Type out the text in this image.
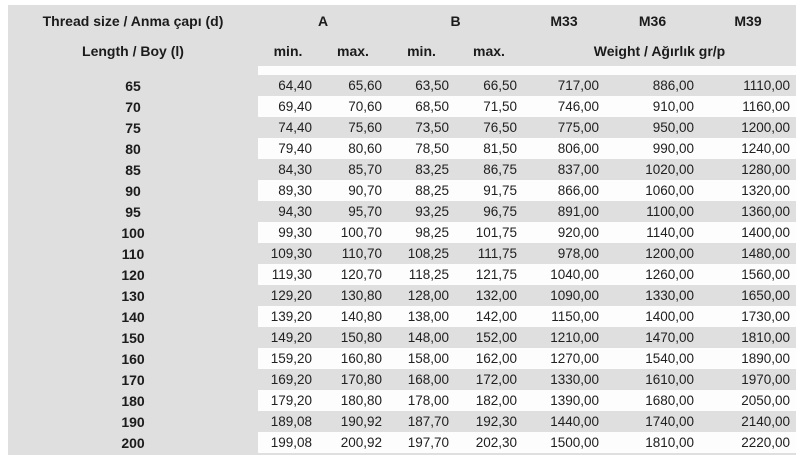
Thread size / Anma çapı (d)	A		B		M33	M36	M39
Length / Boy (l)	min.	max.	min.	max.	Weight / Ağırlık gr/p		

65	64,40	65,60	63,50	66,50	717,00	886,00	1110,00
70	69,40	70,60	68,50	71,50	746,00	910,00	1160,00
75	74,40	75,60	73,50	76,50	775,00	950,00	1200,00
80	79,40	80,60	78,50	81,50	806,00	990,00	1240,00
85	84,30	85,70	83,25	86,75	837,00	1020,00	1280,00
90	89,30	90,70	88,25	91,75	866,00	1060,00	1320,00
95	94,30	95,70	93,25	96,75	891,00	1100,00	1360,00
100	99,30	100,70	98,25	101,75	920,00	1140,00	1400,00
110	109,30	110,70	108,25	111,75	978,00	1200,00	1480,00
120	119,30	120,70	118,25	121,75	1040,00	1260,00	1560,00
130	129,20	130,80	128,00	132,00	1090,00	1330,00	1650,00
140	139,20	140,80	138,00	142,00	1150,00	1400,00	1730,00
150	149,20	150,80	148,00	152,00	1210,00	1470,00	1810,00
160	159,20	160,80	158,00	162,00	1270,00	1540,00	1890,00
170	169,20	170,80	168,00	172,00	1330,00	1610,00	1970,00
180	179,20	180,80	178,00	182,00	1390,00	1680,00	2050,00
190	189,08	190,92	187,70	192,30	1440,00	1740,00	2140,00
200	199,08	200,92	197,70	202,30	1500,00	1810,00	2220,00
